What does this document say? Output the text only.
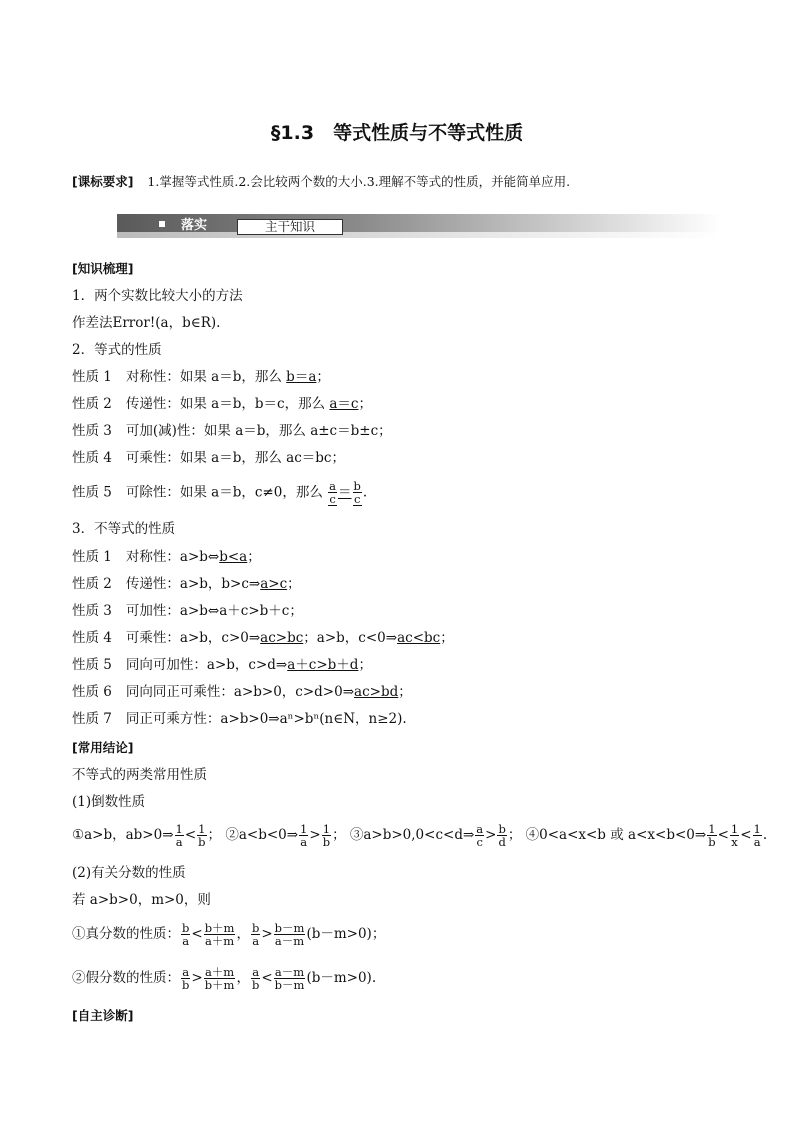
§1.3　等式性质与不等式性质
[课标要求] 1.掌握等式性质.2.会比较两个数的大小.3.理解不等式的性质，并能简单应用.
落实	主干知识
[知识梳理]
1．两个实数比较大小的方法
作差法Error!(a，b∈R).
2．等式的性质
性质 1 对称性：如果 a＝b，那么 b＝a；
性质 2 传递性：如果 a＝b，b＝c，那么 a＝c；
性质 3 可加(减)性：如果 a＝b，那么 a±c＝b±c；
性质 4 可乘性：如果 a＝b，那么 ac＝bc；
性质 5 可除性：如果 a＝b，c≠0，那么 $\frac{a}{c} = \frac{b}{c}$ .
3．不等式的性质
性质 1 对称性：a>b⇔b<a；
性质 2 传递性：a>b，b>c⇒a>c；
性质 3 可加性：a>b⇔a＋c>b＋c；
性质 4 可乘性：a>b，c>0⇒ac>bc；a>b，c<0⇒ac<bc；
性质 5 同向可加性：a>b，c>d⇒a＋c>b＋d；
性质 6 同向同正可乘性：a>b>0，c>d>0⇒ac>bd；
性质 7 同正可乘方性：a>b>0⇒aⁿ>bⁿ(n∈N，n≥2).
[常用结论]
不等式的两类常用性质
(1)倒数性质
①a>b，ab>0⇒ $\frac{1}{a} < \frac{1}{b}$ ； ②a<b<0⇒ $\frac{1}{a} > \frac{1}{b}$ ； ③a>b>0,0<c<d⇒ $\frac{a}{c} > \frac{b}{d}$ ； ④0<a<x<b 或 a<x<b<0⇒ $\frac{1}{b} < \frac{1}{x} < \frac{1}{a}$ .
(2)有关分数的性质
若 a>b>0，m>0，则
①真分数的性质： $\frac{b}{a} < \frac{b+m}{a+m}$ ， $\frac{b}{a} > \frac{b-m}{a-m} (b-m>0)$；
②假分数的性质： $\frac{a}{b} > \frac{a+m}{b+m}$ ， $\frac{a}{b} < \frac{a-m}{b-m} (b-m>0)$.
[自主诊断]
